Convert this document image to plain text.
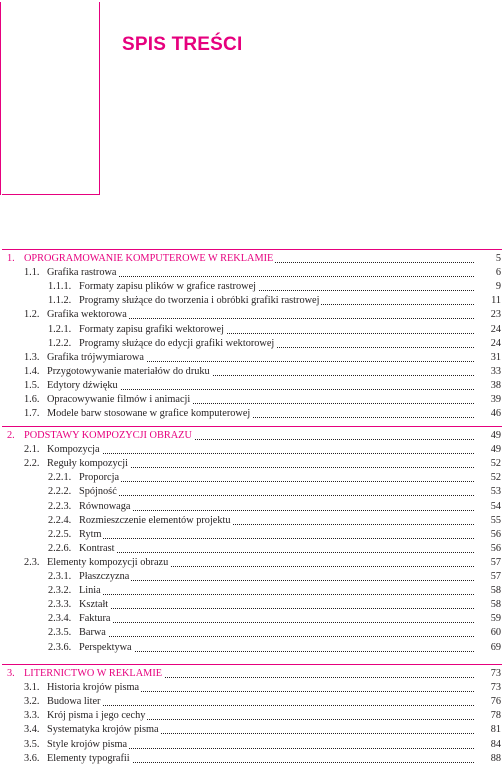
SPIS TREŚCI
1. OPROGRAMOWANIE KOMPUTEROWE W REKLAMIE	5
1.1. Grafika rastrowa	6
1.1.1. Formaty zapisu plików w grafice rastrowej	9
1.1.2. Programy służące do tworzenia i obróbki grafiki rastrowej	11
1.2. Grafika wektorowa	23
1.2.1. Formaty zapisu grafiki wektorowej	24
1.2.2. Programy służące do edycji grafiki wektorowej	24
1.3. Grafika trójwymiarowa	31
1.4. Przygotowywanie materiałów do druku	33
1.5. Edytory dźwięku	38
1.6. Opracowywanie filmów i animacji	39
1.7. Modele barw stosowane w grafice komputerowej	46
2. PODSTAWY KOMPOZYCJI OBRAZU	49
2.1. Kompozycja	49
2.2. Reguły kompozycji	52
2.2.1. Proporcja	52
2.2.2. Spójność	53
2.2.3. Równowaga	54
2.2.4. Rozmieszczenie elementów projektu	55
2.2.5. Rytm	56
2.2.6. Kontrast	56
2.3. Elementy kompozycji obrazu	57
2.3.1. Płaszczyzna	57
2.3.2. Linia	58
2.3.3. Kształt	58
2.3.4. Faktura	59
2.3.5. Barwa	60
2.3.6. Perspektywa	69
3. LITERNICTWO W REKLAMIE	73
3.1. Historia krojów pisma	73
3.2. Budowa liter	76
3.3. Krój pisma i jego cechy	78
3.4. Systematyka krojów pisma	81
3.5. Style krojów pisma	84
3.6. Elementy typografii	88
